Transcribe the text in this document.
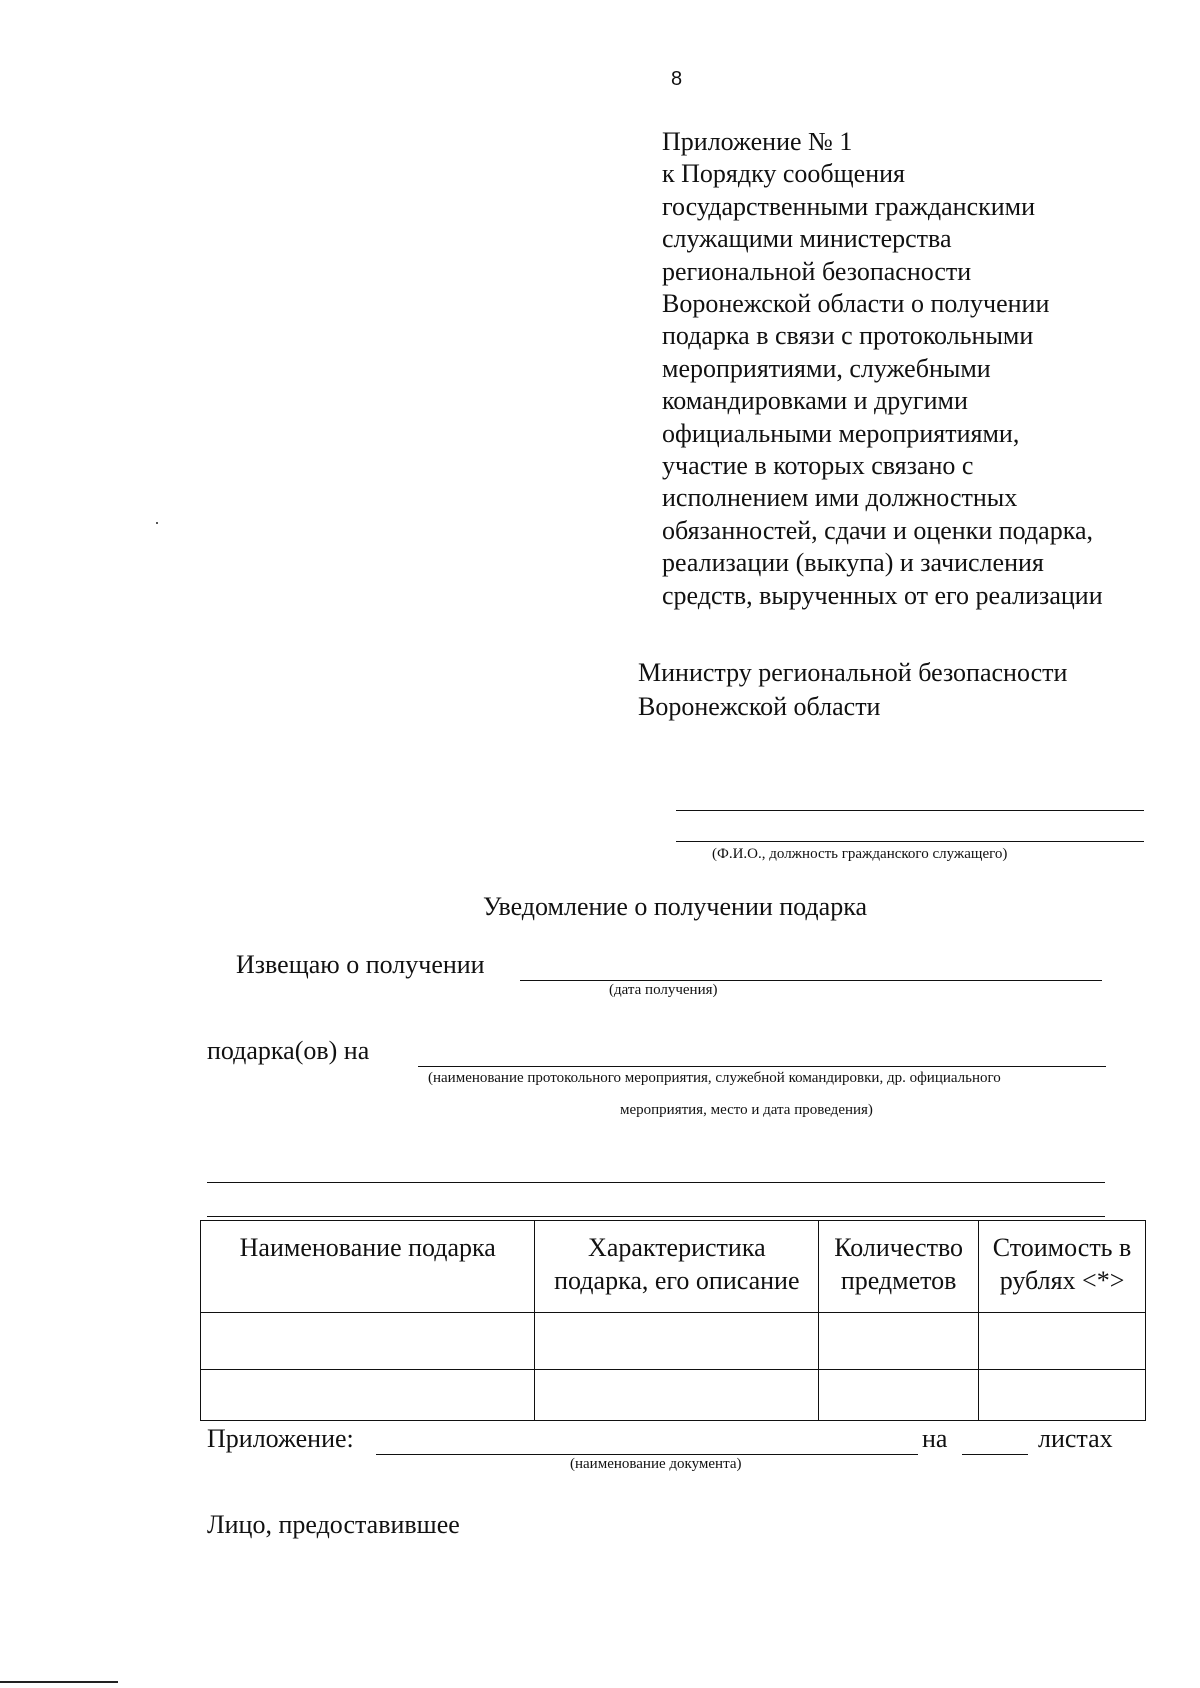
8
Приложение № 1
к Порядку сообщения
государственными гражданскими
служащими министерства
региональной безопасности
Воронежской области о получении
подарка в связи с протокольными
мероприятиями, служебными
командировками и другими
официальными мероприятиями,
участие в которых связано с
исполнением ими должностных
обязанностей, сдачи и оценки подарка,
реализации (выкупа) и зачисления
средств, вырученных от его реализации
Министру региональной безопасности
Воронежской области
(Ф.И.О., должность гражданского служащего)
Уведомление о получении подарка
Извещаю о получении
(дата получения)
подарка(ов) на
(наименование протокольного мероприятия, служебной командировки, др. официального
мероприятия, место и дата проведения)
Наименование подарка	Характеристика подарка, его описание	Количество предметов	Стоимость в рублях <*>

Приложение:	на	листах
(наименование документа)
Лицо, предоставившее
